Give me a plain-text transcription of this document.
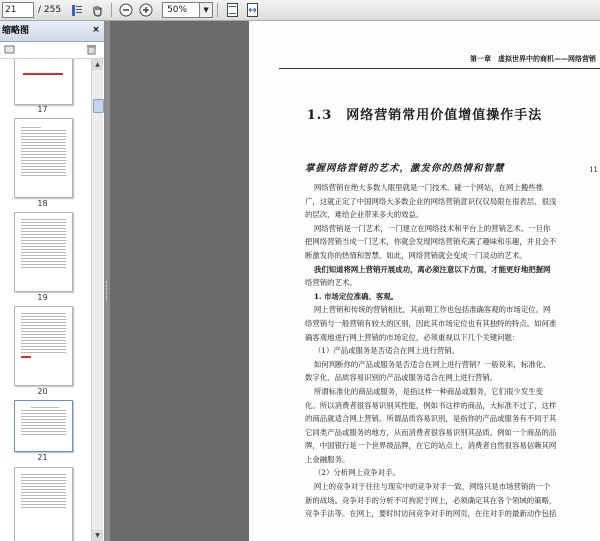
21	/ 255	50%	▼
缩略图	×
17
18
19
20
21
▲
▼
第一章　虚拟世界中的商机——网络营销
1.3　网络营销常用价值增值操作手法
掌握网络营销的艺术，激发你的热情和智慧	11
网络营销在绝大多数人眼里就是一门技术。碰一个网站，在网上搬些推
广，这就正定了中国网络大多数企业的网络营销意识仅仅局限在很表层、很浅
的层次，难给企业带来多大的效益。
网络营销是一门艺术，一门建立在网络技术和平台上的营销艺术。一旦你
把网络营销当成一门艺术，你就会发现网络营销充满了趣味和乐趣，并且会不
断激发你的热情和智慧。如此，网络营销就会变成一门灵动的艺术。
我们知道将网上营销开展成功，离必须注意以下方面，才能更好地把握网
络营销的艺术。
1. 市场定位准确、客观。
网上营销和传统的营销相比，其前期工作也包括准确客观的市场定位。网
络营销与一般营销有较大的区别，因此其市场定位也有其独特的特点。如何准
确客观地进行网上营销的市场定位，必须重视以下几个关键问题：
（1）产品或服务是否适合在网上进行营销。
如何判断你的产品或服务是否适合在网上进行营销？一般说来，标准化、
数字化、品质容易识别的产品或服务适合在网上进行营销。
所谓标准化的商品或服务，是指这样一种商品或服务，它们很少发生变
化。所以消费者很容易识别其性能，例如书这样的商品，大标准不过了，这样
的商品就适合网上营销。所谓品质容易识别，是指你的产品或服务有不同于其
它同类产品或服务的地方，从而消费者很容易识别其品质。例如一个商品的品
牌，中国银行是一个世界级品牌，在它的站点上，消费者自然很容易信赖其网
上金融服务。
（2）分析网上竞争对手。
网上的竞争对于往往与现实中的竞争对手一致，网络只是市场营销的一个
新的战场。竞争对手的分析不可拘泥于网上，必须确定其在各个领域的策略，
竞争手法等。在网上，要时时访问竞争对手的网页，在住对手的最新动作包括
